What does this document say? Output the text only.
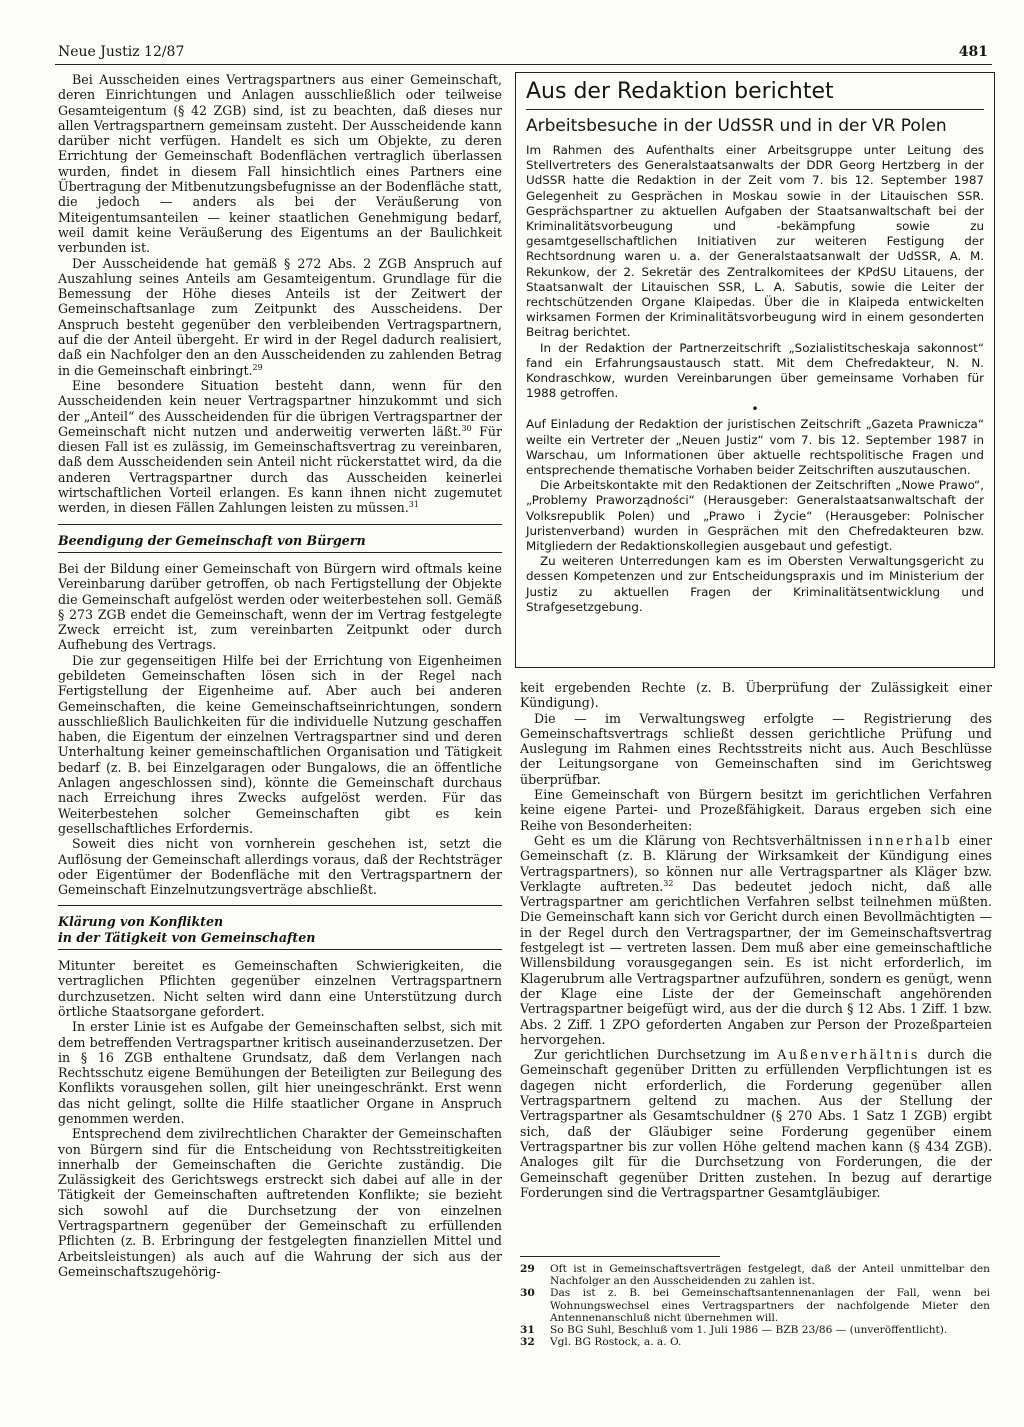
Neue Justiz 12/87	481

Bei Ausscheiden eines Vertragspartners aus einer Gemeinschaft, deren Einrichtungen und Anlagen ausschließlich oder teilweise Gesamteigentum (§ 42 ZGB) sind, ist zu beachten, daß dieses nur allen Vertragspartnern gemeinsam zusteht. Der Ausscheidende kann darüber nicht verfügen. Handelt es sich um Objekte, zu deren Errichtung der Gemeinschaft Bodenflächen vertraglich überlassen wurden, findet in diesem Fall hinsichtlich eines Partners eine Übertragung der Mitbenutzungsbefugnisse an der Bodenfläche statt, die jedoch — anders als bei der Veräußerung von Miteigentumsanteilen — keiner staatlichen Genehmigung bedarf, weil damit keine Veräußerung des Eigentums an der Baulichkeit verbunden ist.

Der Ausscheidende hat gemäß § 272 Abs. 2 ZGB Anspruch auf Auszahlung seines Anteils am Gesamteigentum. Grundlage für die Bemessung der Höhe dieses Anteils ist der Zeitwert der Gemeinschaftsanlage zum Zeitpunkt des Ausscheidens. Der Anspruch besteht gegenüber den verbleibenden Vertragspartnern, auf die der Anteil übergeht. Er wird in der Regel dadurch realisiert, daß ein Nachfolger den an den Ausscheidenden zu zahlenden Betrag in die Gemeinschaft einbringt.$^{29}$

Eine besondere Situation besteht dann, wenn für den Ausscheidenden kein neuer Vertragspartner hinzukommt und sich der „Anteil“ des Ausscheidenden für die übrigen Vertragspartner der Gemeinschaft nicht nutzen und anderweitig verwerten läßt.$^{30}$ Für diesen Fall ist es zulässig, im Gemeinschaftsvertrag zu vereinbaren, daß dem Ausscheidenden sein Anteil nicht rückerstattet wird, da die anderen Vertragspartner durch das Ausscheiden keinerlei wirtschaftlichen Vorteil erlangen. Es kann ihnen nicht zugemutet werden, in diesen Fällen Zahlungen leisten zu müssen.$^{31}$

Beendigung der Gemeinschaft von Bürgern

Bei der Bildung einer Gemeinschaft von Bürgern wird oftmals keine Vereinbarung darüber getroffen, ob nach Fertigstellung der Objekte die Gemeinschaft aufgelöst werden oder weiterbestehen soll. Gemäß § 273 ZGB endet die Gemeinschaft, wenn der im Vertrag festgelegte Zweck erreicht ist, zum vereinbarten Zeitpunkt oder durch Aufhebung des Vertrags.

Die zur gegenseitigen Hilfe bei der Errichtung von Eigenheimen gebildeten Gemeinschaften lösen sich in der Regel nach Fertigstellung der Eigenheime auf. Aber auch bei anderen Gemeinschaften, die keine Gemeinschaftseinrichtungen, sondern ausschließlich Baulichkeiten für die individuelle Nutzung geschaffen haben, die Eigentum der einzelnen Vertragspartner sind und deren Unterhaltung keiner gemeinschaftlichen Organisation und Tätigkeit bedarf (z. B. bei Einzelgaragen oder Bungalows, die an öffentliche Anlagen angeschlossen sind), könnte die Gemeinschaft durchaus nach Erreichung ihres Zwecks aufgelöst werden. Für das Weiterbestehen solcher Gemeinschaften gibt es kein gesellschaftliches Erfordernis.

Soweit dies nicht von vornherein geschehen ist, setzt die Auflösung der Gemeinschaft allerdings voraus, daß der Rechtsträger oder Eigentümer der Bodenfläche mit den Vertragspartnern der Gemeinschaft Einzelnutzungsverträge abschließt.

Klärung von Konflikten
in der Tätigkeit von Gemeinschaften

Mitunter bereitet es Gemeinschaften Schwierigkeiten, die vertraglichen Pflichten gegenüber einzelnen Vertragspartnern durchzusetzen. Nicht selten wird dann eine Unterstützung durch örtliche Staatsorgane gefordert.

In erster Linie ist es Aufgabe der Gemeinschaften selbst, sich mit dem betreffenden Vertragspartner kritisch auseinanderzusetzen. Der in § 16 ZGB enthaltene Grundsatz, daß dem Verlangen nach Rechtsschutz eigene Bemühungen der Beteiligten zur Beilegung des Konflikts vorausgehen sollen, gilt hier uneingeschränkt. Erst wenn das nicht gelingt, sollte die Hilfe staatlicher Organe in Anspruch genommen werden.

Entsprechend dem zivilrechtlichen Charakter der Gemeinschaften von Bürgern sind für die Entscheidung von Rechtsstreitigkeiten innerhalb der Gemeinschaften die Gerichte zuständig. Die Zulässigkeit des Gerichtswegs erstreckt sich dabei auf alle in der Tätigkeit der Gemeinschaften auftretenden Konflikte; sie bezieht sich sowohl auf die Durchsetzung der von einzelnen Vertragspartnern gegenüber der Gemeinschaft zu erfüllenden Pflichten (z. B. Erbringung der festgelegten finanziellen Mittel und Arbeitsleistungen) als auch auf die Wahrung der sich aus der Gemeinschaftszugehörig-

Aus der Redaktion berichtet
Arbeitsbesuche in der UdSSR und in der VR Polen

Im Rahmen des Aufenthalts einer Arbeitsgruppe unter Leitung des Stellvertreters des Generalstaatsanwalts der DDR Georg Hertzberg in der UdSSR hatte die Redaktion in der Zeit vom 7. bis 12. September 1987 Gelegenheit zu Gesprächen in Moskau sowie in der Litauischen SSR. Gesprächspartner zu aktuellen Aufgaben der Staatsanwaltschaft bei der Kriminalitätsvorbeugung und -bekämpfung sowie zu gesamtgesellschaftlichen Initiativen zur weiteren Festigung der Rechtsordnung waren u. a. der Generalstaatsanwalt der UdSSR, A. M. Rekunkow, der 2. Sekretär des Zentralkomitees der KPdSU Litauens, der Staatsanwalt der Litauischen SSR, L. A. Sabutis, sowie die Leiter der rechtschützenden Organe Klaipedas. Über die in Klaipeda entwickelten wirksamen Formen der Kriminalitätsvorbeugung wird in einem gesonderten Beitrag berichtet.

In der Redaktion der Partnerzeitschrift „Sozialistitscheskaja sakonnost“ fand ein Erfahrungsaustausch statt. Mit dem Chefredakteur, N. N. Kondraschkow, wurden Vereinbarungen über gemeinsame Vorhaben für 1988 getroffen.

•

Auf Einladung der Redaktion der juristischen Zeitschrift „Gazeta Prawnicza“ weilte ein Vertreter der „Neuen Justiz“ vom 7. bis 12. September 1987 in Warschau, um Informationen über aktuelle rechtspolitische Fragen und entsprechende thematische Vorhaben beider Zeitschriften auszutauschen.

Die Arbeitskontakte mit den Redaktionen der Zeitschriften „Nowe Prawo“, „Problemy Praworządności“ (Herausgeber: Generalstaatsanwaltschaft der Volksrepublik Polen) und „Prawo i Życie“ (Herausgeber: Polnischer Juristenverband) wurden in Gesprächen mit den Chefredakteuren bzw. Mitgliedern der Redaktionskollegien ausgebaut und gefestigt.

Zu weiteren Unterredungen kam es im Obersten Verwaltungsgericht zu dessen Kompetenzen und zur Entscheidungspraxis und im Ministerium der Justiz zu aktuellen Fragen der Kriminalitätsentwicklung und Strafgesetzgebung.

keit ergebenden Rechte (z. B. Überprüfung der Zulässigkeit einer Kündigung).

Die — im Verwaltungsweg erfolgte — Registrierung des Gemeinschaftsvertrags schließt dessen gerichtliche Prüfung und Auslegung im Rahmen eines Rechtsstreits nicht aus. Auch Beschlüsse der Leitungsorgane von Gemeinschaften sind im Gerichtsweg überprüfbar.

Eine Gemeinschaft von Bürgern besitzt im gerichtlichen Verfahren keine eigene Partei- und Prozeßfähigkeit. Daraus ergeben sich eine Reihe von Besonderheiten:

Geht es um die Klärung von Rechtsverhältnissen innerhalb einer Gemeinschaft (z. B. Klärung der Wirksamkeit der Kündigung eines Vertragspartners), so können nur alle Vertragspartner als Kläger bzw. Verklagte auftreten.$^{32}$ Das bedeutet jedoch nicht, daß alle Vertragspartner am gerichtlichen Verfahren selbst teilnehmen müßten. Die Gemeinschaft kann sich vor Gericht durch einen Bevollmächtigten — in der Regel durch den Vertragspartner, der im Gemeinschaftsvertrag festgelegt ist — vertreten lassen. Dem muß aber eine gemeinschaftliche Willensbildung vorausgegangen sein. Es ist nicht erforderlich, im Klagerubrum alle Vertragspartner aufzuführen, sondern es genügt, wenn der Klage eine Liste der der Gemeinschaft angehörenden Vertragspartner beigefügt wird, aus der die durch § 12 Abs. 1 Ziff. 1 bzw. Abs. 2 Ziff. 1 ZPO geforderten Angaben zur Person der Prozeßparteien hervorgehen.

Zur gerichtlichen Durchsetzung im Außenverhältnis durch die Gemeinschaft gegenüber Dritten zu erfüllenden Verpflichtungen ist es dagegen nicht erforderlich, die Forderung gegenüber allen Vertragspartnern geltend zu machen. Aus der Stellung der Vertragspartner als Gesamtschuldner (§ 270 Abs. 1 Satz 1 ZGB) ergibt sich, daß der Gläubiger seine Forderung gegenüber einem Vertragspartner bis zur vollen Höhe geltend machen kann (§ 434 ZGB). Analoges gilt für die Durchsetzung von Forderungen, die der Gemeinschaft gegenüber Dritten zustehen. In bezug auf derartige Forderungen sind die Vertragspartner Gesamtgläubiger.

29	Oft ist in Gemeinschaftsverträgen festgelegt, daß der Anteil unmittelbar den Nachfolger an den Ausscheidenden zu zahlen ist.
30	Das ist z. B. bei Gemeinschaftsantennenanlagen der Fall, wenn bei Wohnungswechsel eines Vertragspartners der nachfolgende Mieter den Antennenanschluß nicht übernehmen will.
31	So BG Suhl, Beschluß vom 1. Juli 1986 — BZB 23/86 — (unveröffentlicht).
32	Vgl. BG Rostock, a. a. O.
